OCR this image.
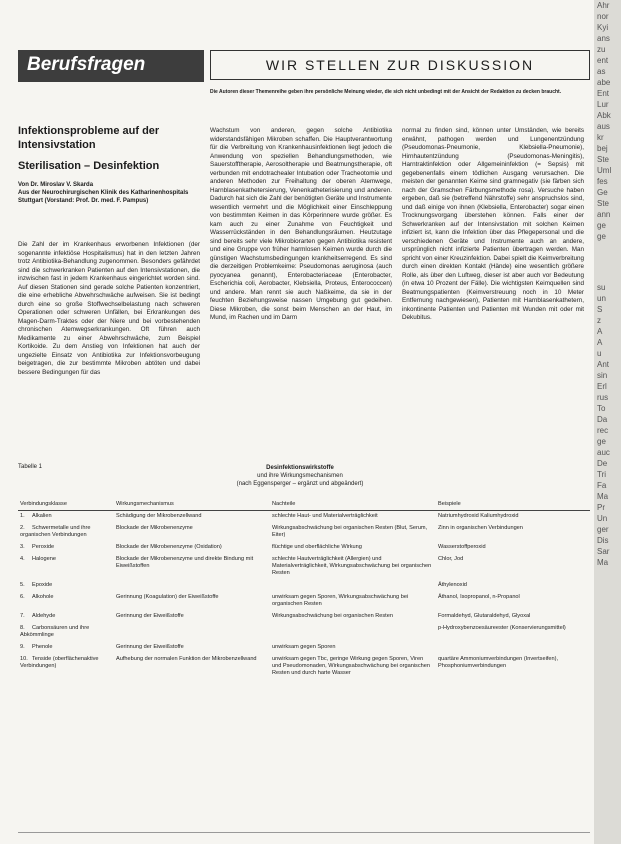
Berufsfragen	WIR STELLEN ZUR DISKUSSION
Die Autoren dieser Themenreihe geben ihre persönliche Meinung wieder, die sich nicht unbedingt mit der Ansicht der Redaktion zu decken braucht.
Infektionsprobleme auf der Intensivstation
Sterilisation – Desinfektion
Von Dr. Miroslav V. Skarda
Aus der Neurochirurgischen Klinik des Katharinenhospitals Stuttgart (Vorstand: Prof. Dr. med. F. Pampus)

Die Zahl der im Krankenhaus erworbenen Infektionen (der sogenannte infektiöse Hospitalismus) hat in den letzten Jahren trotz Antibiotika-Behandlung zugenommen. Besonders gefährdet sind die schwerkranken Patienten auf den Intensivstationen, die inzwischen fast in jedem Krankenhaus eingerichtet worden sind. Auf diesen Stationen sind gerade solche Patienten konzentriert, die eine erhebliche Abwehrschwäche aufweisen. Sie ist bedingt durch eine so große Stoffwechselbelastung nach schweren Operationen oder schweren Unfällen, bei Erkrankungen des Magen-Darm-Traktes oder der Niere und bei vorbestehenden chronischen Atemwegserkrankungen. Oft führen auch Medikamente zu einer Abwehrschwäche, zum Beispiel Kortikoide. Zu dem Anstieg von Infektionen hat auch der ungezielte Einsatz von Antibiotika zur Infektionsvorbeugung beigetragen, die zur bestimmte Mikroben abtöten und dabei bessere Bedingungen für das

Wachstum von anderen, gegen solche Antibiotika widerstandsfähigen Mikroben schaffen. Die Hauptverantwortung für die Verbreitung von Krankenhausinfektionen liegt jedoch die Anwendung von speziellen Behandlungsmethoden, wie Sauerstofftherapie, Aerosoltherapie und Beatmungstherapie, oft verbunden mit endotrachealer Intubation oder Tracheotomie und anderen Methoden zur Freihaltung der oberen Atemwege, Harnblasenkathetersierung, Venenkatheterisierung und anderen. Dadurch hat sich die Zahl der benötigten Geräte und Instrumente wesentlich vermehrt und die Möglichkeit einer Einschleppung von bestimmten Keimen in das Körperinnere wurde größer. Es kam auch zu einer Zunahme von Feuchtigkeit und Wasserrückständen in den Behandlungsräumen. Heutzutage sind bereits sehr viele Mikrobiorarten gegen Antibiotika resistent und eine Gruppe von früher harmlosen Keimen wurde durch die günstigen Wachstumsbedingungen krankheitserregend. Es sind die derzeitigen Problemkeime: Pseudomonas aeruginosa (auch pyocyanea genannt), Enterobacteriaceae (Enterobacter, Escherichia coli, Aerobacter, Klebsiella, Proteus, Enterococcen) und andere. Man rennt sie auch Naßkeime, da sie in der feuchten Beziehungsweise nassen Umgebung gut gedeihen. Diese Mikroben, die sonst beim Menschen an der Haut, im Mund, im Rachen und im Darm

normal zu finden sind, können unter Umständen, wie bereits erwähnt, pathogen werden und Lungenentzündung (Pseudomonas-Pneumonie, Klebsiella-Pneumonie), Hirnhautentzündung (Pseudomonas-Meningitis), Harntraktinfektion oder Allgemeininfektion (= Sepsis) mit gegebenenfalls einem tödlichen Ausgang verursachen. Die meisten der genannten Keime sind gramnegativ (sie färben sich nach der Gramschen Färbungsmethode rosa). Versuche haben ergeben, daß sie (betreffend Nährstoffe) sehr anspruchslos sind, und daß einige von ihnen (Klebsiella, Enterobacter) sogar einen Trocknungsvorgang überstehen können. Falls einer der Schwerkranken auf der Intensivstation mit solchen Keimen infiziert ist, kann die Infektion über das Pflegepersonal und die verschiedenen Geräte und Instrumente auch an andere, ursprünglich nicht infizierte Patienten übertragen werden. Man spricht von einer Kreuzinfektion. Dabei spielt die Keimverbreitung durch einen direkten Kontakt (Hände) eine wesentlich größere Rolle, als über den Luftweg, dieser ist aber auch vor Bedeutung (in etwa 10 Prozent der Fälle). Die wichtigsten Keimquellen sind Beatmungspatienten (Keimverstreuung noch in 10 Meter Entfernung nachgewiesen), Patienten mit Harnblasenkathetern, inkontinente Patienten und Patienten mit Wunden mit oder mit Dekubitus.

Tabelle 1	Desinfektionswirkstoffe
und ihre Wirkungsmechanismen
(nach Eggensperger – ergänzt und abgeändert)
Verbindungsklasse	Wirkungsmechanismus	Nachteile	Beispiele
1. Alkalien	Schädigung der Mikrobenzellwand	schlechte Haut- und Materialverträglichkeit	Natriumhydroxid Kaliumhydroxid
2. Schwermetalle und ihre organischen Verbindungen	Blockade der Mikrobenenzyme	Wirkungsabschwächung bei organischen Resten (Blut, Serum, Eiter)	Zinn in organischen Verbindungen
3. Peroxide	Blockade der Mikrobenenzyme (Oxidation)	flüchtige und oberflächliche Wirkung	Wasserstoffperoxid
4. Halogene	Blockade der Mikrobenenzyme und direkte Bindung mit Eiweißstoffen	schlechte Hautverträglichkeit (Allergien) und Materialverträglichkeit, Wirkungsabschwächung bei organischen Resten	Chlor, Jod
5. Epoxide			Äthylenoxid
6. Alkohole	Gerinnung (Koagulation) der Eiweißstoffe	unwirksam gegen Sporen, Wirkungsabschwächung bei organischen Resten	Äthanol, Isopropanol, n-Propanol
7. Aldehyde	Gerinnung der Eiweißstoffe	Wirkungsabschwächung bei organischen Resten	Formaldehyd, Glutaraldehyd, Glyoxal
8. Carbonsäuren und ihre Abkömmlinge			p-Hydroxybenzoesäureester (Konservierungsmittel)
9. Phenole	Gerinnung der Eiweißstoffe	unwirksam gegen Sporen	
10. Tenside (oberflächenaktive Verbindungen)	Aufhebung der normalen Funktion der Mikrobenzellwand	unwirksam gegen Tbc, geringe Wirkung gegen Sporen, Viren und Pseudomonaden, Wirkungsabschwächung bei organischen Resten und durch harte Wasser	quartäre Ammoniumverbindungen (Invertseifen), Phosphoniumverbindungen
Ahr
nor
Kyi
ans
zu
ent
as
abe
Ent
Lur
Abk
aus
kr
bej
Ste
Uml
fes
Ge
Ste
ann
ge
ge
su
un
S
z
A
A
u
Ant
sin
Erl
rus
To
Da
rec
ge
auc
De
Tri
Fa
Ma
Pr
Un
ger
Dis
Sar
Ma
